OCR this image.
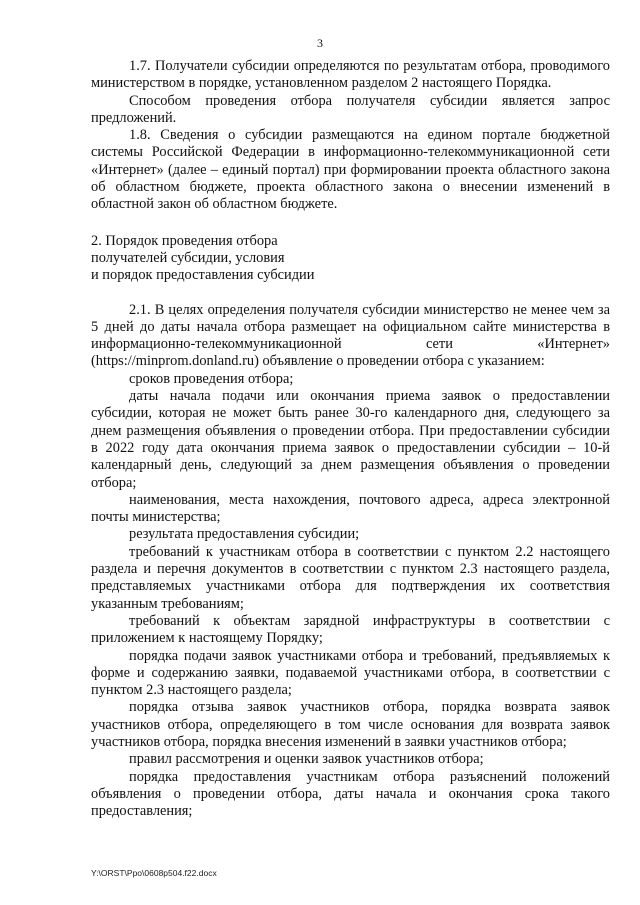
3

1.7. Получатели субсидии определяются по результатам отбора, проводимого министерством в порядке, установленном разделом 2 настоящего Порядка.

Способом проведения отбора получателя субсидии является запрос предложений.

1.8. Сведения о субсидии размещаются на едином портале бюджетной системы Российской Федерации в информационно-телекоммуникационной сети «Интернет» (далее – единый портал) при формировании проекта областного закона об областном бюджете, проекта областного закона о внесении изменений в областной закон об областном бюджете.

2. Порядок проведения отбора
получателей субсидии, условия
и порядок предоставления субсидии

2.1. В целях определения получателя субсидии министерство не менее чем за 5 дней до даты начала отбора размещает на официальном сайте министерства в информационно-телекоммуникационной сети «Интернет» (https://minprom.donland.ru) объявление о проведении отбора с указанием:

сроков проведения отбора;

даты начала подачи или окончания приема заявок о предоставлении субсидии, которая не может быть ранее 30-го календарного дня, следующего за днем размещения объявления о проведении отбора. При предоставлении субсидии в 2022 году дата окончания приема заявок о предоставлении субсидии – 10-й календарный день, следующий за днем размещения объявления о проведении отбора;

наименования, места нахождения, почтового адреса, адреса электронной почты министерства;

результата предоставления субсидии;

требований к участникам отбора в соответствии с пунктом 2.2 настоящего раздела и перечня документов в соответствии с пунктом 2.3 настоящего раздела, представляемых участниками отбора для подтверждения их соответствия указанным требованиям;

требований к объектам зарядной инфраструктуры в соответствии с приложением к настоящему Порядку;

порядка подачи заявок участниками отбора и требований, предъявляемых к форме и содержанию заявки, подаваемой участниками отбора, в соответствии с пунктом 2.3 настоящего раздела;

порядка отзыва заявок участников отбора, порядка возврата заявок участников отбора, определяющего в том числе основания для возврата заявок участников отбора, порядка внесения изменений в заявки участников отбора;

правил рассмотрения и оценки заявок участников отбора;

порядка предоставления участникам отбора разъяснений положений объявления о проведении отбора, даты начала и окончания срока такого предоставления;

Y:\ORST\Ppo\0608p504.f22.docx
